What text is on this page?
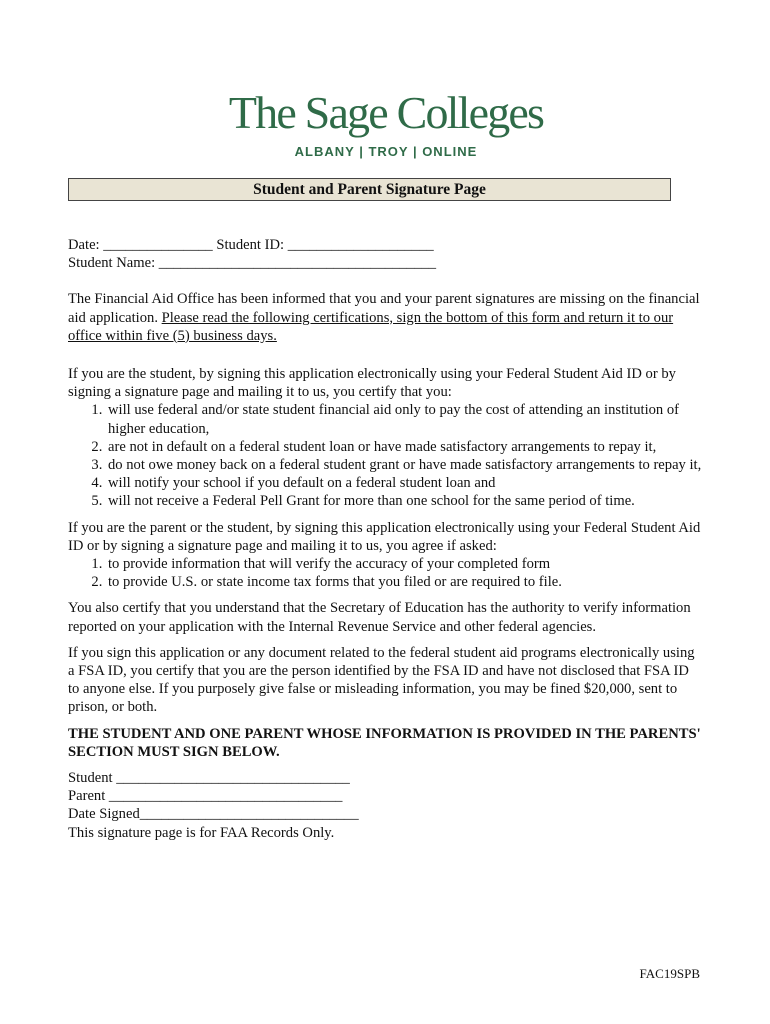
The Sage Colleges
ALBANY | TROY | ONLINE
Student and Parent Signature Page

Date: _______________ Student ID: ____________________

Student Name: ______________________________________

The Financial Aid Office has been informed that you and your parent signatures are missing on the financial aid application. Please read the following certifications, sign the bottom of this form and return it to our office within five (5) business days.

If you are the student, by signing this application electronically using your Federal Student Aid ID or by signing a signature page and mailing it to us, you certify that you:

1. will use federal and/or state student financial aid only to pay the cost of attending an institution of higher education,
2. are not in default on a federal student loan or have made satisfactory arrangements to repay it,
3. do not owe money back on a federal student grant or have made satisfactory arrangements to repay it,
4. will notify your school if you default on a federal student loan and
5. will not receive a Federal Pell Grant for more than one school for the same period of time.

If you are the parent or the student, by signing this application electronically using your Federal Student Aid ID or by signing a signature page and mailing it to us, you agree if asked:

1. to provide information that will verify the accuracy of your completed form
2. to provide U.S. or state income tax forms that you filed or are required to file.

You also certify that you understand that the Secretary of Education has the authority to verify information reported on your application with the Internal Revenue Service and other federal agencies.

If you sign this application or any document related to the federal student aid programs electronically using a FSA ID, you certify that you are the person identified by the FSA ID and have not disclosed that FSA ID to anyone else. If you purposely give false or misleading information, you may be fined $20,000, sent to prison, or both.

THE STUDENT AND ONE PARENT WHOSE INFORMATION IS PROVIDED IN THE PARENTS' SECTION MUST SIGN BELOW.

Student ________________________________

Parent ________________________________

Date Signed______________________________

This signature page is for FAA Records Only.

FAC19SPB
